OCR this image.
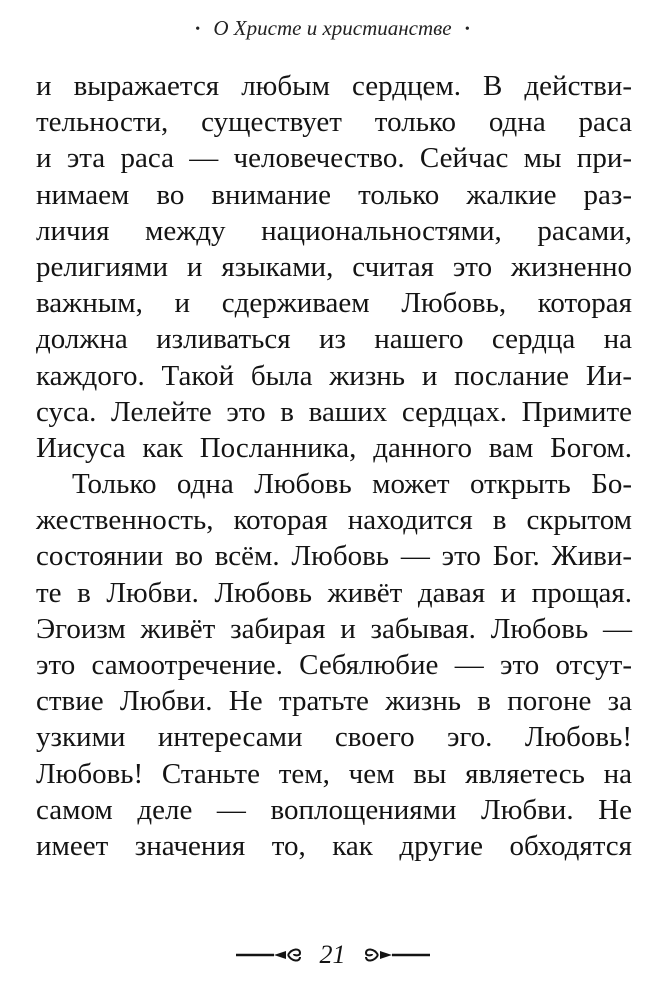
• О Христе и христианстве •
и выражается любым сердцем. В действи-
тельности, существует только одна раса
и эта раса — человечество. Сейчас мы при-
нимаем во внимание только жалкие раз-
личия между национальностями, расами,
религиями и языками, считая это жизненно
важным, и сдерживаем Любовь, которая
должна изливаться из нашего сердца на
каждого. Такой была жизнь и послание Ии-
суса. Лелейте это в ваших сердцах. Примите
Иисуса как Посланника, данного вам Богом.
Только одна Любовь может открыть Бо-
жественность, которая находится в скрытом
состоянии во всём. Любовь — это Бог. Живи-
те в Любви. Любовь живёт давая и прощая.
Эгоизм живёт забирая и забывая. Любовь —
это самоотречение. Себялюбие — это отсут-
ствие Любви. Не тратьте жизнь в погоне за
узкими интересами своего эго. Любовь!
Любовь! Станьте тем, чем вы являетесь на
самом деле — воплощениями Любви. Не
имеет значения то, как другие обходятся
21
